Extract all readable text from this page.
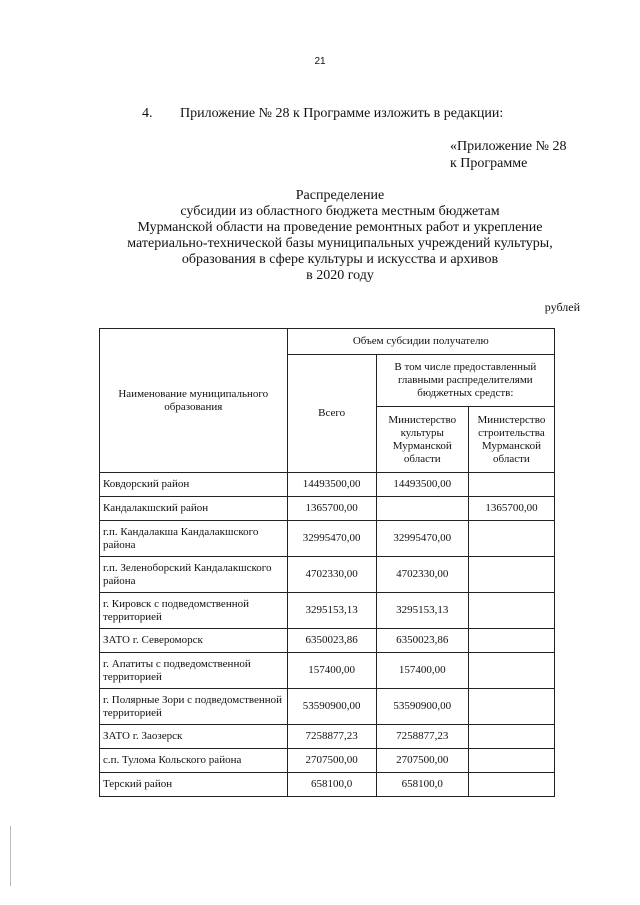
21
4. Приложение № 28 к Программе изложить в редакции:
«Приложение № 28
к Программе
Распределение
субсидии из областного бюджета местным бюджетам
Мурманской области на проведение ремонтных работ и укрепление
материально-технической базы муниципальных учреждений культуры,
образования в сфере культуры и искусства и архивов
в 2020 году
рублей
Наименование муниципального образования	Объем субсидии получателю		
	Всего	В том числе предоставленный главными распределителями бюджетных средств:	
		Министерство культуры Мурманской области	Министерство строительства Мурманской области
Ковдорский район	14493500,00	14493500,00	
Кандалакшский район	1365700,00		1365700,00
г.п. Кандалакша Кандалакшского района	32995470,00	32995470,00	
г.п. Зеленоборский Кандалакшского района	4702330,00	4702330,00	
г. Кировск с подведомственной территорией	3295153,13	3295153,13	
ЗАТО г. Североморск	6350023,86	6350023,86	
г. Апатиты с подведомственной территорией	157400,00	157400,00	
г. Полярные Зори с подведомственной территорией	53590900,00	53590900,00	
ЗАТО г. Заозерск	7258877,23	7258877,23	
с.п. Тулома Кольского района	2707500,00	2707500,00	
Терский район	658100,0	658100,0	
